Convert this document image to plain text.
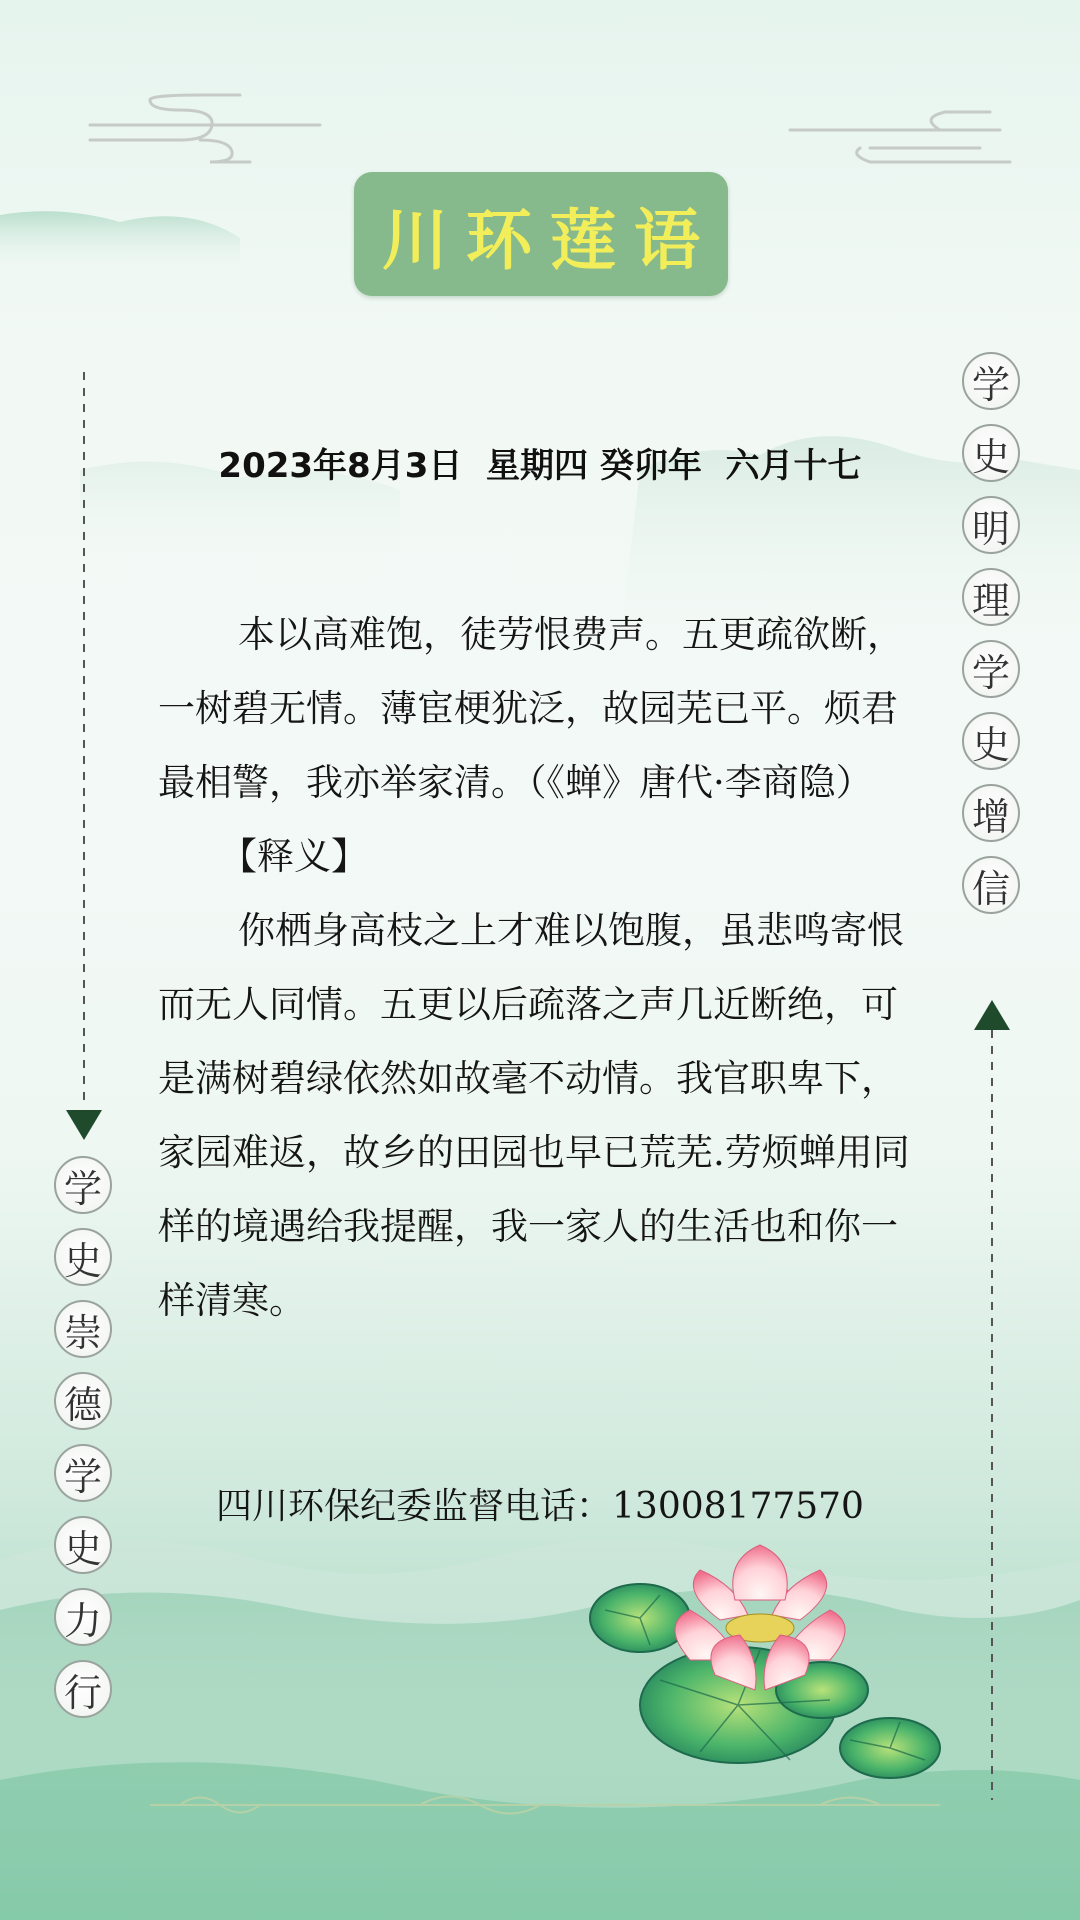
川环莲语
2023年8月3日  星期四 癸卯年  六月十七

本以高难饱，徒劳恨费声。五更疏欲断，一树碧无情。薄宦梗犹泛，故园芜已平。烦君最相警，我亦举家清。（《蝉》唐代·李商隐）

【释义】

你栖身高枝之上才难以饱腹，虽悲鸣寄恨而无人同情。五更以后疏落之声几近断绝，可是满树碧绿依然如故毫不动情。我官职卑下，家园难返，故乡的田园也早已荒芜.劳烦蝉用同样的境遇给我提醒，我一家人的生活也和你一样清寒。

四川环保纪委监督电话：13008177570
学
史
明
理
学
史
增
信
学
史
崇
德
学
史
力
行
